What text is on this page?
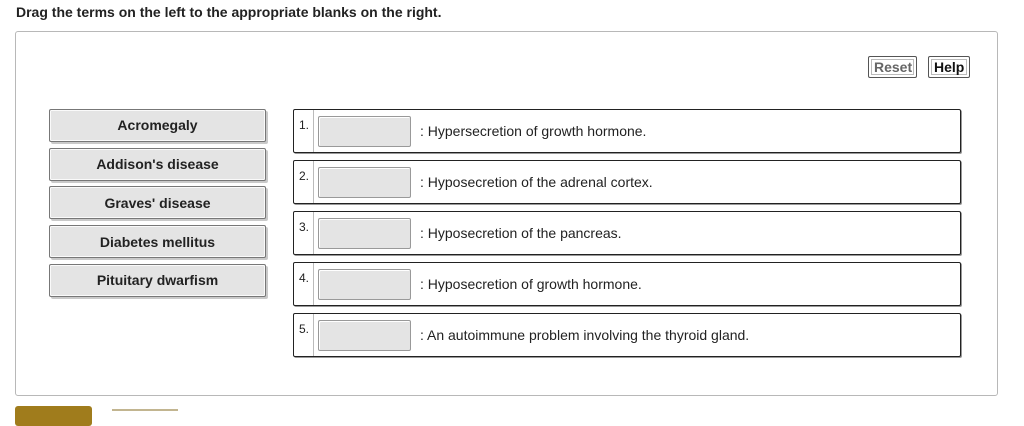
Drag the terms on the left to the appropriate blanks on the right.
Reset	Help
Acromegaly
Addison's disease
Graves' disease
Diabetes mellitus
Pituitary dwarfism
1.	: Hypersecretion of growth hormone.
2.	: Hyposecretion of the adrenal cortex.
3.	: Hyposecretion of the pancreas.
4.	: Hyposecretion of growth hormone.
5.	: An autoimmune problem involving the thyroid gland.
